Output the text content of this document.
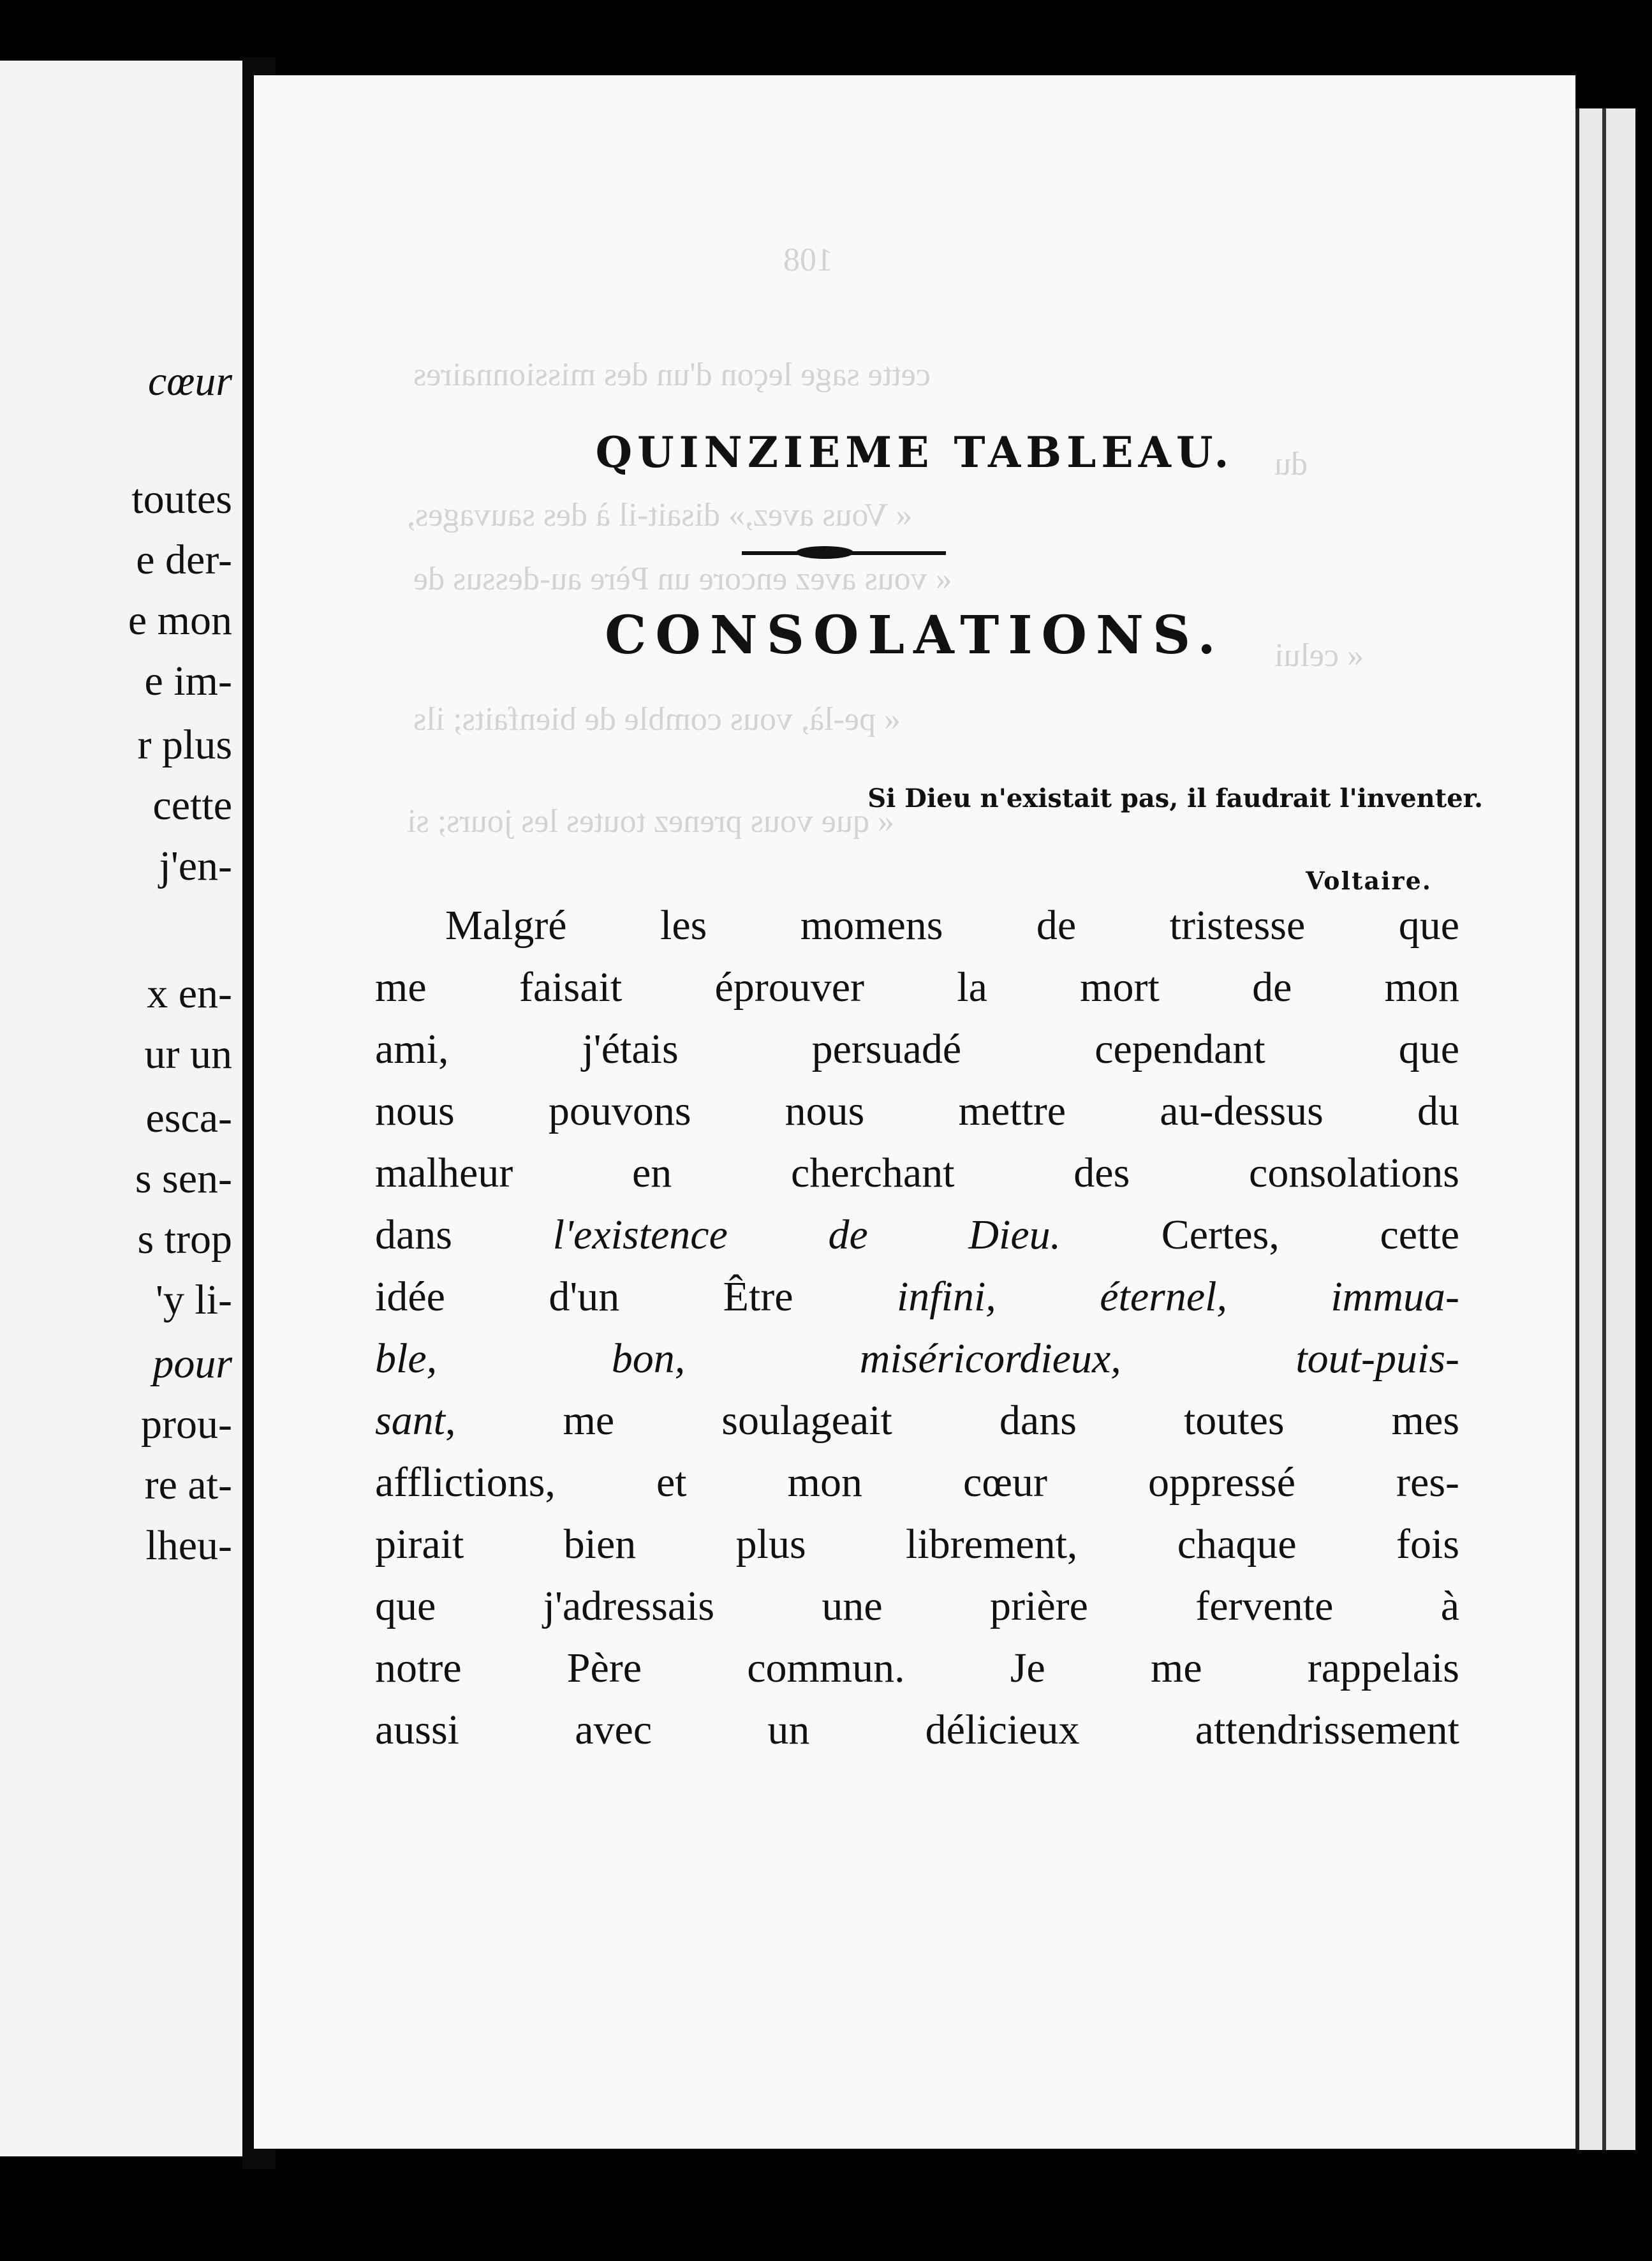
cœur

toutes

e der-

e mon

e im-

r plus

cette

j'en-

x en-

ur un

esca-

s sen-

s trop

'y li-

pour

prou-

re at-

lheu-

108

cette sage leçon d'un des missionnaires

du

« Vous avez,» disait-il à des sauvages,

« vous avez encore un Père au-dessus de

« celui

« pe-là, vous comble de bienfaits; ils

« que vous prenez toutes les jours; si

QUINZIEME TABLEAU.
CONSOLATIONS.

Si Dieu n'existait pas, il faudrait l'inventer.

Voltaire.

Malgré les momens de tristesse que

me faisait éprouver la mort de mon

ami, j'étais persuadé cependant que

nous pouvons nous mettre au-dessus du

malheur en cherchant des consolations

dans l'existence de Dieu. Certes, cette

idée d'un Être infini, éternel, immua-

ble, bon, miséricordieux, tout-puis-

sant, me soulageait dans toutes mes

afflictions, et mon cœur oppressé res-

pirait bien plus librement, chaque fois

que j'adressais une prière fervente à

notre Père commun. Je me rappelais

aussi avec un délicieux attendrissement
